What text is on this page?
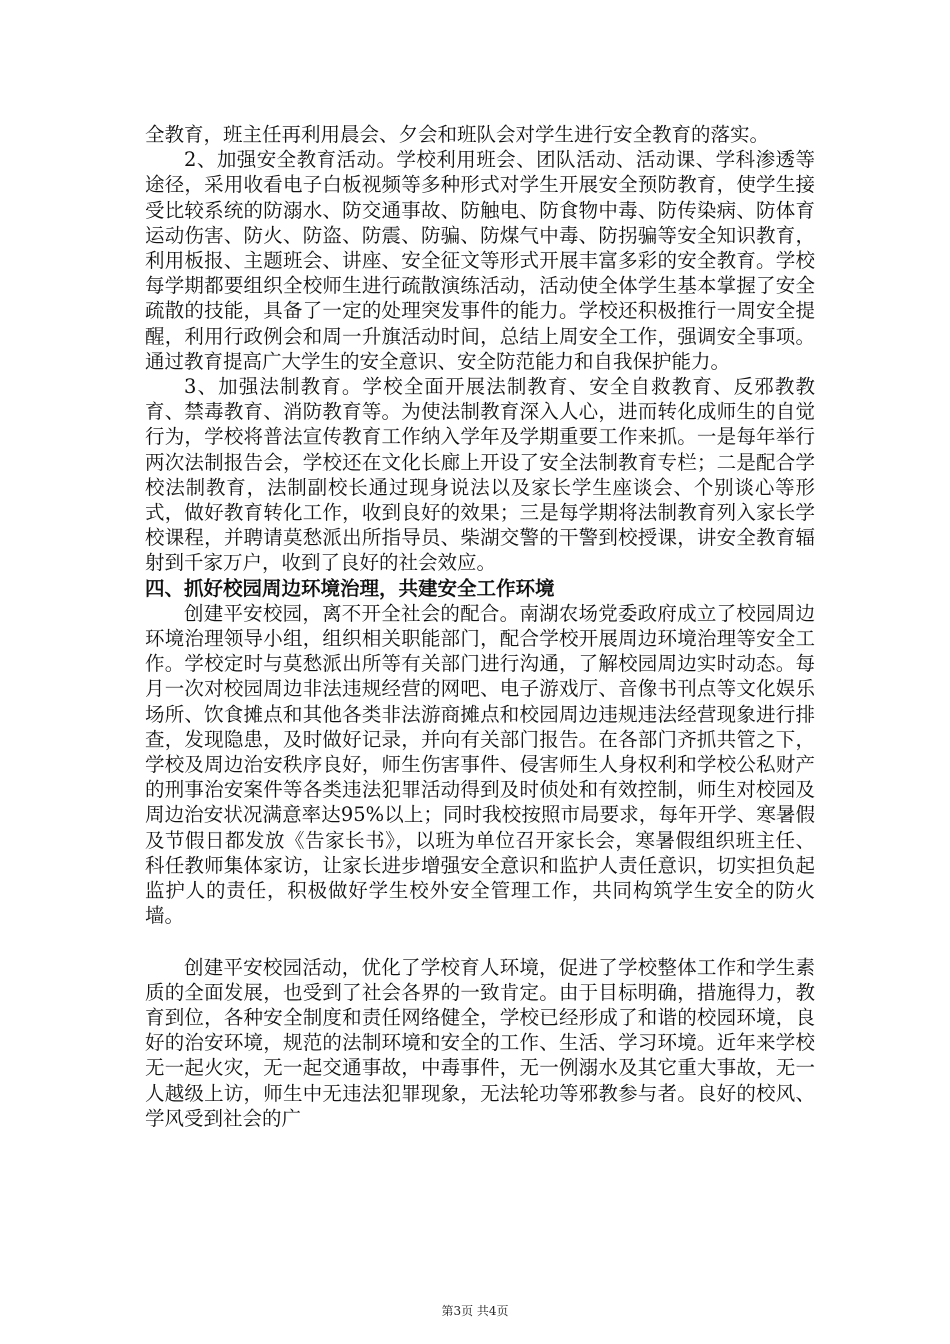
全教育，班主任再利用晨会、夕会和班队会对学生进行安全教育的落实。

2、加强安全教育活动。学校利用班会、团队活动、活动课、学科渗透等途径，采用收看电子白板视频等多种形式对学生开展安全预防教育，使学生接受比较系统的防溺水、防交通事故、防触电、防食物中毒、防传染病、防体育运动伤害、防火、防盗、防震、防骗、防煤气中毒、防拐骗等安全知识教育，利用板报、主题班会、讲座、安全征文等形式开展丰富多彩的安全教育。学校每学期都要组织全校师生进行疏散演练活动，活动使全体学生基本掌握了安全疏散的技能，具备了一定的处理突发事件的能力。学校还积极推行一周安全提醒，利用行政例会和周一升旗活动时间，总结上周安全工作，强调安全事项。通过教育提高广大学生的安全意识、安全防范能力和自我保护能力。

3、加强法制教育。学校全面开展法制教育、安全自救教育、反邪教教育、禁毒教育、消防教育等。为使法制教育深入人心，进而转化成师生的自觉行为，学校将普法宣传教育工作纳入学年及学期重要工作来抓。一是每年举行两次法制报告会，学校还在文化长廊上开设了安全法制教育专栏；二是配合学校法制教育，法制副校长通过现身说法以及家长学生座谈会、个别谈心等形式，做好教育转化工作，收到良好的效果；三是每学期将法制教育列入家长学校课程，并聘请莫愁派出所指导员、柴湖交警的干警到校授课，讲安全教育辐射到千家万户，收到了良好的社会效应。

四、抓好校园周边环境治理，共建安全工作环境

创建平安校园，离不开全社会的配合。南湖农场党委政府成立了校园周边环境治理领导小组，组织相关职能部门，配合学校开展周边环境治理等安全工作。学校定时与莫愁派出所等有关部门进行沟通，了解校园周边实时动态。每月一次对校园周边非法违规经营的网吧、电子游戏厅、音像书刊点等文化娱乐场所、饮食摊点和其他各类非法游商摊点和校园周边违规违法经营现象进行排查，发现隐患，及时做好记录，并向有关部门报告。在各部门齐抓共管之下，学校及周边治安秩序良好，师生伤害事件、侵害师生人身权利和学校公私财产的刑事治安案件等各类违法犯罪活动得到及时侦处和有效控制，师生对校园及周边治安状况满意率达95%以上；同时我校按照市局要求，每年开学、寒暑假及节假日都发放《告家长书》，以班为单位召开家长会，寒暑假组织班主任、科任教师集体家访，让家长进步增强安全意识和监护人责任意识，切实担负起监护人的责任，积极做好学生校外安全管理工作，共同构筑学生安全的防火墙。

创建平安校园活动，优化了学校育人环境，促进了学校整体工作和学生素质的全面发展，也受到了社会各界的一致肯定。由于目标明确，措施得力，教育到位，各种安全制度和责任网络健全，学校已经形成了和谐的校园环境，良好的治安环境，规范的法制环境和安全的工作、生活、学习环境。近年来学校无一起火灾，无一起交通事故，中毒事件，无一例溺水及其它重大事故，无一人越级上访，师生中无违法犯罪现象，无法轮功等邪教参与者。良好的校风、学风受到社会的广

第3页 共4页
